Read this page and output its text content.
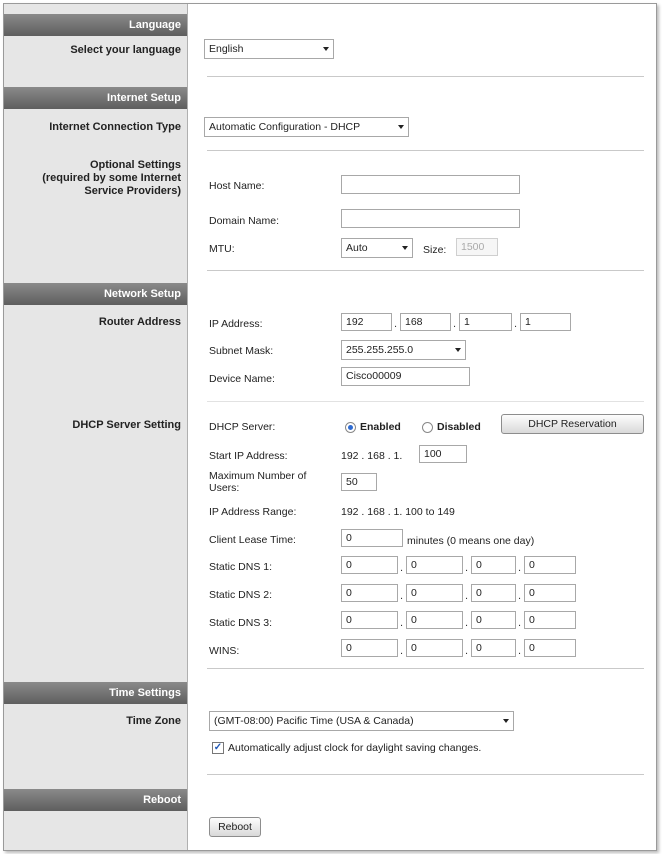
Language
Select your language	English
Internet Setup
Internet Connection Type	Automatic Configuration - DHCP
Optional Settings
(required by some Internet
Service Providers)	Host Name:
Domain Name:
MTU:	Auto	Size:	1500
Network Setup
Router Address	IP Address:	192	. 168	. 1	. 1
Subnet Mask:	255.255.255.0
Device Name:	Cisco00009
DHCP Server Setting	DHCP Server:	Enabled	Disabled	DHCP Reservation
Start IP Address:	192 . 168 . 1.	100
Maximum Number of
Users:	50
IP Address Range:	192 . 168 . 1. 100 to 149
Client Lease Time:	0	minutes (0 means one day)
Static DNS 1:	0	. 0	. 0	. 0
Static DNS 2:	0	. 0	. 0	. 0
Static DNS 3:	0	. 0	. 0	. 0
WINS:	0	. 0	. 0	. 0
Time Settings
Time Zone	(GMT-08:00) Pacific Time (USA & Canada)
✓ Automatically adjust clock for daylight saving changes.
Reboot
Reboot
